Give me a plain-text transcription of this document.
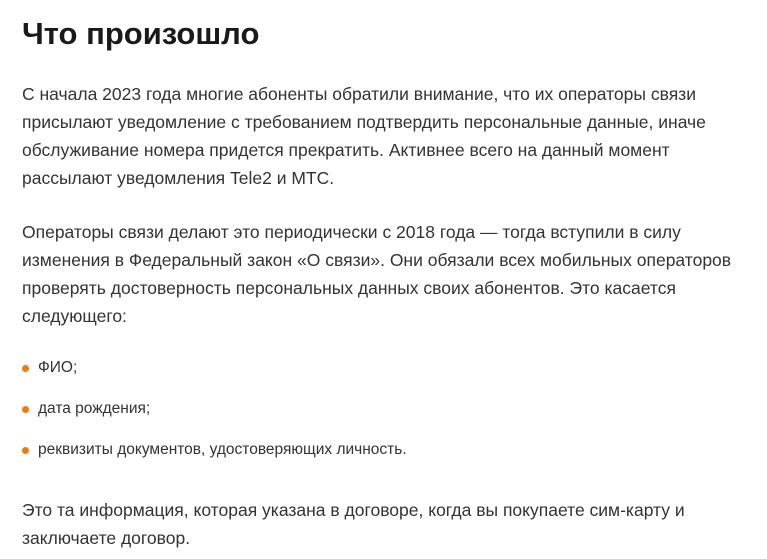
Что произошло

С начала 2023 года многие абоненты обратили внимание, что их операторы связи присылают уведомление с требованием подтвердить персональные данные, иначе обслуживание номера придется прекратить. Активнее всего на данный момент рассылают уведомления Tele2 и МТС.

Операторы связи делают это периодически с 2018 года — тогда вступили в силу изменения в Федеральный закон «О связи». Они обязали всех мобильных операторов проверять достоверность персональных данных своих абонентов. Это касается следующего:

ФИО;
дата рождения;
реквизиты документов, удостоверяющих личность.

Это та информация, которая указана в договоре, когда вы покупаете сим-карту и заключаете договор.
